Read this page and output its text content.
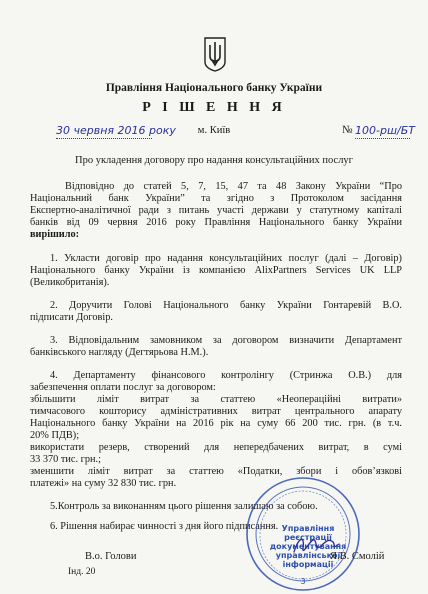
Правління Національного банку України
Р І Ш Е Н Н Я
30 червня 2016 року	м. Київ	№ 100-рш/БТ
Про укладення договору про надання консультаційних послуг
Відповідно до статей 5, 7, 15, 47 та 48 Закону України “Про
Національний банк України” та згідно з Протоколом засідання
Експертно-аналітичної ради з питань участі держави у статутному капіталі
банків від 09 червня 2016 року Правління Національного банку України
вирішило:
1. Укласти договір про надання консультаційних послуг (далі – Договір)
Національного банку України із компанією AlixPartners Services UK LLP
(Великобританія).
2. Доручити Голові Національного банку України Гонтаревій В.О.
підписати Договір.
3. Відповідальним замовником за договором визначити Департамент
банківського нагляду (Дегтярьова Н.М.).
4. Департаменту фінансового контролінгу (Стринжа О.В.) для
забезпечення оплати послуг за договором:
збільшити ліміт витрат за статтею «Неопераційні витрати»
тимчасового кошторису адміністративних витрат центрального апарату
Національного банку України на 2016 рік на суму 66 200 тис. грн. (в т.ч.
20% ПДВ);
використати резерв, створений для непередбачених витрат, в сумі
33 370 тис. грн.;
зменшити ліміт витрат за статтею «Податки, збори і обов’язкові
платежі» на суму 32 830 тис. грн.
5.Контроль за виконанням цього рішення залишаю за собою.
6. Рішення набирає чинності з дня його підписання.
3
Управління
реєстрації
документування
управлінської
інформації
В.о. Голови	Я.В. Смолій
Інд. 20
